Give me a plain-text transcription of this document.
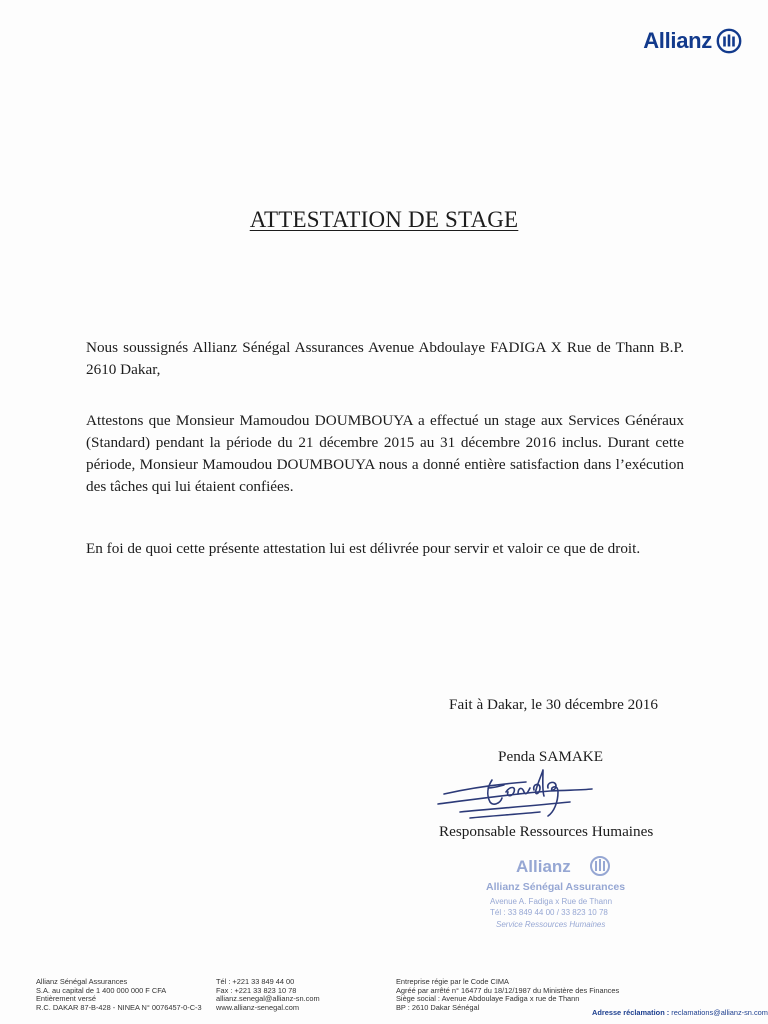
Allianz
ATTESTATION DE STAGE
Nous soussignés Allianz Sénégal Assurances Avenue Abdoulaye FADIGA X Rue de Thann B.P. 2610 Dakar,
Attestons que Monsieur Mamoudou DOUMBOUYA a effectué un stage aux Services Généraux (Standard) pendant la période du 21 décembre 2015 au 31 décembre 2016 inclus. Durant cette période, Monsieur Mamoudou DOUMBOUYA nous a donné entière satisfaction dans l’exécution des tâches qui lui étaient confiées.
En foi de quoi cette présente attestation lui est délivrée pour servir et valoir ce que de droit.
Fait à Dakar, le 30 décembre 2016
Penda SAMAKE
Responsable Ressources Humaines
Allianz
Allianz Sénégal Assurances
Avenue A. Fadiga x Rue de Thann
Tél : 33 849 44 00 / 33 823 10 78
Service Ressources Humaines
Allianz Sénégal Assurances
S.A. au capital de 1 400 000 000 F CFA
Entièrement versé
R.C. DAKAR 87-B-428 - NINEA N° 0076457-0-C-3
Tél : +221 33 849 44 00
Fax : +221 33 823 10 78
allianz.senegal@allianz-sn.com
www.allianz-senegal.com
Entreprise régie par le Code CIMA
Agréé par arrêté n° 16477 du 18/12/1987 du Ministère des Finances
Siège social : Avenue Abdoulaye Fadiga x rue de Thann
BP : 2610 Dakar Sénégal
Adresse réclamation : reclamations@allianz-sn.com
